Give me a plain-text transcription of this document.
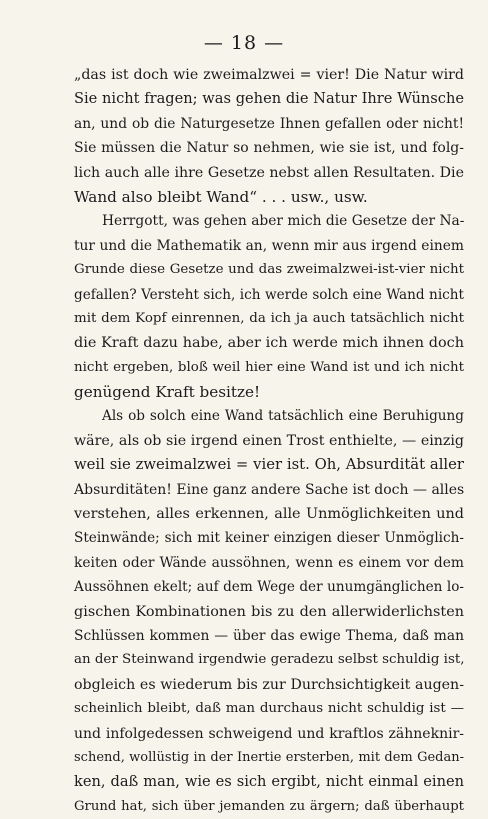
— 18 —
„das ist doch wie zweimalzwei = vier! Die Natur wird
Sie nicht fragen; was gehen die Natur Ihre Wünsche
an, und ob die Naturgesetze Ihnen gefallen oder nicht!
Sie müssen die Natur so nehmen, wie sie ist, und folg-
lich auch alle ihre Gesetze nebst allen Resultaten. Die
Wand also bleibt Wand“ . . . usw., usw.
Herrgott, was gehen aber mich die Gesetze der Na-
tur und die Mathematik an, wenn mir aus irgend einem
Grunde diese Gesetze und das zweimalzwei-ist-vier nicht
gefallen? Versteht sich, ich werde solch eine Wand nicht
mit dem Kopf einrennen, da ich ja auch tatsächlich nicht
die Kraft dazu habe, aber ich werde mich ihnen doch
nicht ergeben, bloß weil hier eine Wand ist und ich nicht
genügend Kraft besitze!
Als ob solch eine Wand tatsächlich eine Beruhigung
wäre, als ob sie irgend einen Trost enthielte, — einzig
weil sie zweimalzwei = vier ist. Oh, Absurdität aller
Absurditäten! Eine ganz andere Sache ist doch — alles
verstehen, alles erkennen, alle Unmöglichkeiten und
Steinwände; sich mit keiner einzigen dieser Unmöglich-
keiten oder Wände aussöhnen, wenn es einem vor dem
Aussöhnen ekelt; auf dem Wege der unumgänglichen lo-
gischen Kombinationen bis zu den allerwiderlichsten
Schlüssen kommen — über das ewige Thema, daß man
an der Steinwand irgendwie geradezu selbst schuldig ist,
obgleich es wiederum bis zur Durchsichtigkeit augen-
scheinlich bleibt, daß man durchaus nicht schuldig ist —
und infolgedessen schweigend und kraftlos zähneknir-
schend, wollüstig in der Inertie ersterben, mit dem Gedan-
ken, daß man, wie es sich ergibt, nicht einmal einen
Grund hat, sich über jemanden zu ärgern; daß überhaupt
